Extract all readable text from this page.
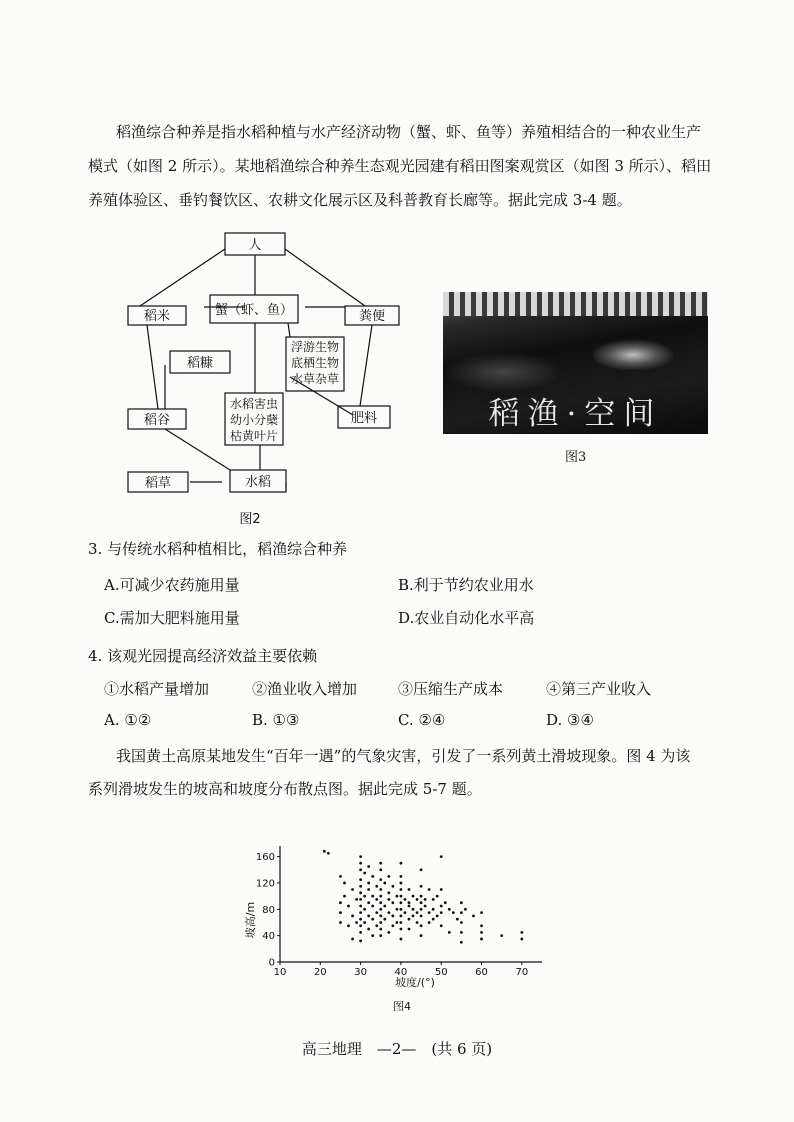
稻渔综合种养是指水稻种植与水产经济动物（蟹、虾、鱼等）养殖相结合的一种农业生产
模式（如图 2 所示）。某地稻渔综合种养生态观光园建有稻田图案观赏区（如图 3 所示）、稻田
养殖体验区、垂钓餐饮区、农耕文化展示区及科普教育长廊等。据此完成 3-4 题。
人
稻米	蟹（虾、鱼）	粪便
稻糠
浮游生物
底栖生物
水草杂草
稻谷
水稻害虫
幼小分蘖
枯黄叶片
肥料
稻草	水稻
图2
稻渔·空间
图3
3. 与传统水稻种植相比，稻渔综合种养
A.可减少农药施用量	B.利于节约农业用水
C.需加大肥料施用量	D.农业自动化水平高
4. 该观光园提高经济效益主要依赖
①水稻产量增加	②渔业收入增加	③压缩生产成本	④第三产业收入
A. ①②	B. ①③	C. ②④	D. ③④
我国黄土高原某地发生“百年一遇”的气象灾害，引发了一系列黄土滑坡现象。图 4 为该
系列滑坡发生的坡高和坡度分布散点图。据此完成 5-7 题。
10	20	30	40	50	60	70
0
40
80
120
160
坡高/m
坡度/(°)
图4
高三地理　—2—　(共 6 页)
